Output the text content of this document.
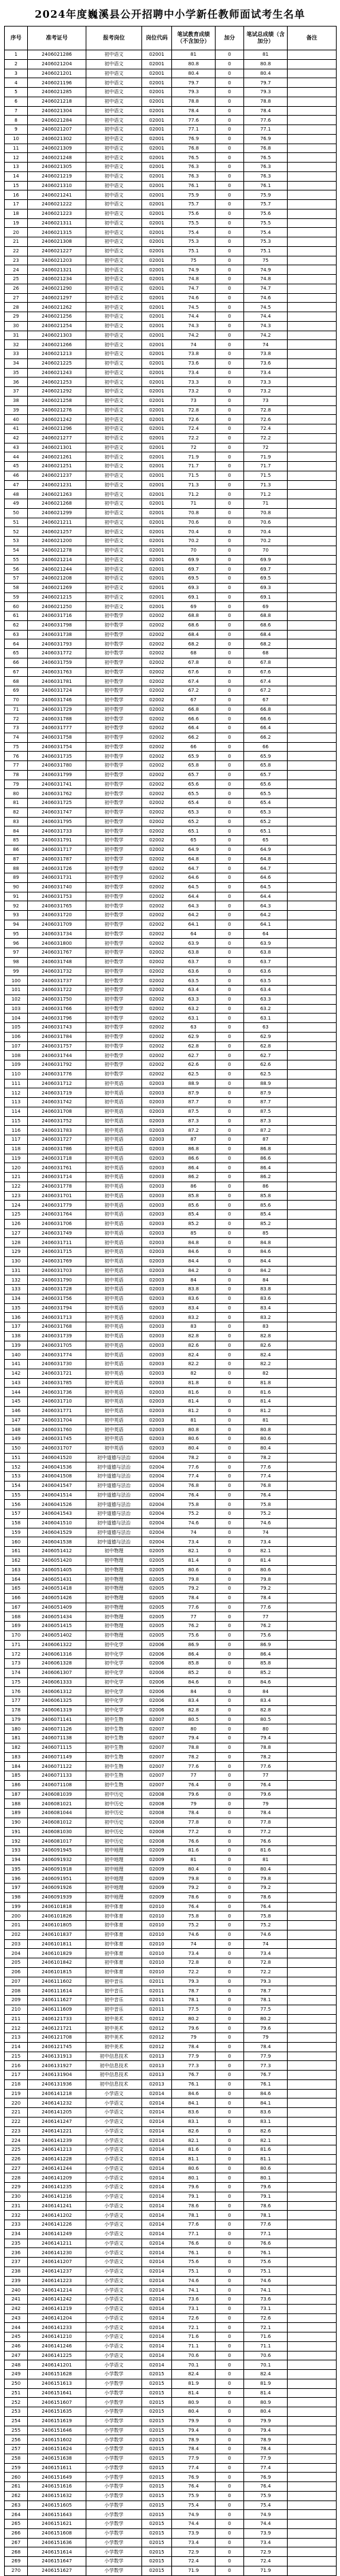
2024年度巍溪县公开招聘中小学新任教师面试考生名单
序号	准考证号	报考岗位	岗位代码	笔试教育成绩（不含加分）	加分	笔试总成绩（含加分）	备注
1	2406021286	初中语文	02001	81	0	81	
2	2406021204	初中语文	02001	80.8	0	80.8	
3	2406021201	初中语文	02001	80.4	0	80.4	
4	2406021196	初中语文	02001	79.7	0	79.7	
5	2406021285	初中语文	02001	79.3	0	79.3	
6	2406021218	初中语文	02001	78.8	0	78.8	
7	2406021304	初中语文	02001	78.4	0	78.4	
8	2406021284	初中语文	02001	77.6	0	77.6	
9	2406021207	初中语文	02001	77.1	0	77.1	
10	2406021302	初中语文	02001	76.9	0	76.9	
11	2406021309	初中语文	02001	76.8	0	76.8	
12	2406021248	初中语文	02001	76.5	0	76.5	
13	2406021305	初中语文	02001	76.3	0	76.3	
14	2406021219	初中语文	02001	76.3	0	76.3	
15	2406021310	初中语文	02001	76.1	0	76.1	
16	2406021241	初中语文	02001	75.9	0	75.9	
17	2406021222	初中语文	02001	75.7	0	75.7	
18	2406021223	初中语文	02001	75.6	0	75.6	
19	2406021311	初中语文	02001	75.5	0	75.5	
20	2406021315	初中语文	02001	75.4	0	75.4	
21	2406021308	初中语文	02001	75.3	0	75.3	
22	2406021227	初中语文	02001	75.1	0	75.1	
23	2406021203	初中语文	02001	75	0	75	
24	2406021321	初中语文	02001	74.9	0	74.9	
25	2406021234	初中语文	02001	74.8	0	74.8	
26	2406021290	初中语文	02001	74.7	0	74.7	
27	2406021297	初中语文	02001	74.6	0	74.6	
28	2406021262	初中语文	02001	74.5	0	74.5	
29	2406021256	初中语文	02001	74.4	0	74.4	
30	2406021254	初中语文	02001	74.3	0	74.3	
31	2406021303	初中语文	02001	74.2	0	74.2	
32	2406021266	初中语文	02001	74	0	74	
33	2406021213	初中语文	02001	73.8	0	73.8	
34	2406021225	初中语文	02001	73.6	0	73.6	
35	2406021243	初中语文	02001	73.4	0	73.4	
36	2406021253	初中语文	02001	73.3	0	73.3	
37	2406021292	初中语文	02001	73.2	0	73.2	
38	2406021258	初中语文	02001	73	0	73	
39	2406021276	初中语文	02001	72.8	0	72.8	
40	2406021242	初中语文	02001	72.6	0	72.6	
41	2406021296	初中语文	02001	72.4	0	72.4	
42	2406021277	初中语文	02001	72.2	0	72.2	
43	2406021301	初中语文	02001	72	0	72	
44	2406021261	初中语文	02001	71.9	0	71.9	
45	2406021251	初中语文	02001	71.7	0	71.7	
46	2406021237	初中语文	02001	71.5	0	71.5	
47	2406021231	初中语文	02001	71.3	0	71.3	
48	2406021263	初中语文	02001	71.2	0	71.2	
49	2406021268	初中语文	02001	71	0	71	
50	2406021299	初中语文	02001	70.8	0	70.8	
51	2406021211	初中语文	02001	70.6	0	70.6	
52	2406021257	初中语文	02001	70.4	0	70.4	
53	2406021200	初中语文	02001	70.2	0	70.2	
54	2406021278	初中语文	02001	70	0	70	
55	2406021214	初中语文	02001	69.9	0	69.9	
56	2406021244	初中语文	02001	69.7	0	69.7	
57	2406021208	初中语文	02001	69.5	0	69.5	
58	2406021269	初中语文	02001	69.3	0	69.3	
59	2406021215	初中语文	02001	69.1	0	69.1	
60	2406021250	初中语文	02001	69	0	69	
61	2406031716	初中数学	02002	68.8	0	68.8	
62	2406031798	初中数学	02002	68.6	0	68.6	
63	2406031738	初中数学	02002	68.4	0	68.4	
64	2406031793	初中数学	02002	68.2	0	68.2	
65	2406031772	初中数学	02002	68	0	68	
66	2406031759	初中数学	02002	67.8	0	67.8	
67	2406031763	初中数学	02002	67.6	0	67.6	
68	2406031781	初中数学	02002	67.4	0	67.4	
69	2406031724	初中数学	02002	67.2	0	67.2	
70	2406031746	初中数学	02002	67	0	67	
71	2406031729	初中数学	02002	66.8	0	66.8	
72	2406031788	初中数学	02002	66.6	0	66.6	
73	2406031777	初中数学	02002	66.4	0	66.4	
74	2406031758	初中数学	02002	66.2	0	66.2	
75	2406031754	初中数学	02002	66	0	66	
76	2406031735	初中数学	02002	65.9	0	65.9	
77	2406031780	初中数学	02002	65.8	0	65.8	
78	2406031799	初中数学	02002	65.7	0	65.7	
79	2406031741	初中数学	02002	65.6	0	65.6	
80	2406031762	初中数学	02002	65.5	0	65.5	
81	2406031725	初中数学	02002	65.4	0	65.4	
82	2406031747	初中数学	02002	65.3	0	65.3	
83	2406031795	初中数学	02002	65.2	0	65.2	
84	2406031733	初中数学	02002	65.1	0	65.1	
85	2406031791	初中数学	02002	65	0	65	
86	2406031717	初中数学	02002	64.9	0	64.9	
87	2406031787	初中数学	02002	64.8	0	64.8	
88	2406031726	初中数学	02002	64.7	0	64.7	
89	2406031731	初中数学	02002	64.6	0	64.6	
90	2406031740	初中数学	02002	64.5	0	64.5	
91	2406031753	初中数学	02002	64.4	0	64.4	
92	2406031765	初中数学	02002	64.3	0	64.3	
93	2406031720	初中数学	02002	64.2	0	64.2	
94	2406031709	初中数学	02002	64.1	0	64.1	
95	2406031734	初中数学	02002	64	0	64	
96	2406031800	初中数学	02002	63.9	0	63.9	
97	2406031767	初中数学	02002	63.8	0	63.8	
98	2406031748	初中数学	02002	63.7	0	63.7	
99	2406031732	初中数学	02002	63.6	0	63.6	
100	2406031737	初中数学	02002	63.5	0	63.5	
101	2406031722	初中数学	02002	63.4	0	63.4	
102	2406031750	初中数学	02002	63.3	0	63.3	
103	2406031766	初中数学	02002	63.2	0	63.2	
104	2406031796	初中数学	02002	63.1	0	63.1	
105	2406031743	初中数学	02002	63	0	63	
106	2406031784	初中数学	02002	62.9	0	62.9	
107	2406031757	初中数学	02002	62.8	0	62.8	
108	2406031744	初中数学	02002	62.7	0	62.7	
109	2406031792	初中数学	02002	62.6	0	62.6	
110	2406031776	初中数学	02002	62.5	0	62.5	
111	2406031712	初中英语	02003	88.9	0	88.9	
112	2406031719	初中英语	02003	87.9	0	87.9	
113	2406031742	初中英语	02003	87.7	0	87.7	
114	2406031708	初中英语	02003	87.5	0	87.5	
115	2406031752	初中英语	02003	87.3	0	87.3	
116	2406031783	初中英语	02003	87.2	0	87.2	
117	2406031727	初中英语	02003	87	0	87	
118	2406031786	初中英语	02003	86.8	0	86.8	
119	2406031718	初中英语	02003	86.6	0	86.6	
120	2406031761	初中英语	02003	86.4	0	86.4	
121	2406031714	初中英语	02003	86.2	0	86.2	
122	2406031778	初中英语	02003	86	0	86	
123	2406031701	初中英语	02003	85.8	0	85.8	
124	2406031779	初中英语	02003	85.6	0	85.6	
125	2406031764	初中英语	02003	85.4	0	85.4	
126	2406031706	初中英语	02003	85.2	0	85.2	
127	2406031749	初中英语	02003	85	0	85	
128	2406031711	初中英语	02003	84.8	0	84.8	
129	2406031715	初中英语	02003	84.6	0	84.6	
130	2406031769	初中英语	02003	84.4	0	84.4	
131	2406031703	初中英语	02003	84.2	0	84.2	
132	2406031790	初中英语	02003	84	0	84	
133	2406031728	初中英语	02003	83.8	0	83.8	
134	2406031756	初中英语	02003	83.6	0	83.6	
135	2406031794	初中英语	02003	83.4	0	83.4	
136	2406031713	初中英语	02003	83.2	0	83.2	
137	2406031768	初中英语	02003	83	0	83	
138	2406031739	初中英语	02003	82.8	0	82.8	
139	2406031705	初中英语	02003	82.6	0	82.6	
140	2406031774	初中英语	02003	82.4	0	82.4	
141	2406031730	初中英语	02003	82.2	0	82.2	
142	2406031721	初中英语	02003	82	0	82	
143	2406031785	初中英语	02003	81.8	0	81.8	
144	2406031736	初中英语	02003	81.6	0	81.6	
145	2406031710	初中英语	02003	81.4	0	81.4	
146	2406031771	初中英语	02003	81.2	0	81.2	
147	2406031704	初中英语	02003	81	0	81	
148	2406031760	初中英语	02003	80.8	0	80.8	
149	2406031745	初中英语	02003	80.6	0	80.6	
150	2406031707	初中英语	02003	80.4	0	80.4	
151	2406041520	初中道德与法治	02004	78.2	0	78.2	
152	2406041536	初中道德与法治	02004	77.6	0	77.6	
153	2406041508	初中道德与法治	02004	77.4	0	77.4	
154	2406041547	初中道德与法治	02004	76.8	0	76.8	
155	2406041514	初中道德与法治	02004	76.4	0	76.4	
156	2406041526	初中道德与法治	02004	75.8	0	75.8	
157	2406041543	初中道德与法治	02004	75.2	0	75.2	
158	2406041510	初中道德与法治	02004	74.6	0	74.6	
159	2406041529	初中道德与法治	02004	74	0	74	
160	2406041538	初中道德与法治	02004	73.4	0	73.4	
161	2406051412	初中物理	02005	82.1	0	82.1	
162	2406051420	初中物理	02005	81.4	0	81.4	
163	2406051405	初中物理	02005	80.6	0	80.6	
164	2406051431	初中物理	02005	79.8	0	79.8	
165	2406051418	初中物理	02005	79.2	0	79.2	
166	2406051426	初中物理	02005	78.4	0	78.4	
167	2406051409	初中物理	02005	77.6	0	77.6	
168	2406051434	初中物理	02005	77	0	77	
169	2406051415	初中物理	02005	76.2	0	76.2	
170	2406051402	初中物理	02005	75.6	0	75.6	
171	2406061322	初中化学	02006	86.9	0	86.9	
172	2406061316	初中化学	02006	86.4	0	86.4	
173	2406061328	初中化学	02006	85.8	0	85.8	
174	2406061307	初中化学	02006	85.2	0	85.2	
175	2406061333	初中化学	02006	84.6	0	84.6	
176	2406061312	初中化学	02006	84	0	84	
177	2406061325	初中化学	02006	83.4	0	83.4	
178	2406061319	初中化学	02006	82.8	0	82.8	
179	2406071141	初中生物	02007	80.5	0	80.5	
180	2406071126	初中生物	02007	80	0	80	
181	2406071138	初中生物	02007	79.4	0	79.4	
182	2406071115	初中生物	02007	78.8	0	78.8	
183	2406071149	初中生物	02007	78.2	0	78.2	
184	2406071122	初中生物	02007	77.6	0	77.6	
185	2406071133	初中生物	02007	77	0	77	
186	2406071108	初中生物	02007	76.4	0	76.4	
187	2406081039	初中历史	02008	79.6	0	79.6	
188	2406081021	初中历史	02008	79	0	79	
189	2406081044	初中历史	02008	78.4	0	78.4	
190	2406081012	初中历史	02008	77.8	0	77.8	
191	2406081030	初中历史	02008	77.2	0	77.2	
192	2406081017	初中历史	02008	76.6	0	76.6	
193	2406091945	初中地理	02009	81.6	0	81.6	
194	2406091932	初中地理	02009	81	0	81	
195	2406091918	初中地理	02009	80.4	0	80.4	
196	2406091951	初中地理	02009	79.8	0	79.8	
197	2406091926	初中地理	02009	79.2	0	79.2	
198	2406091939	初中地理	02009	78.6	0	78.6	
199	2406101818	初中体育	02010	76.4	0	76.4	
200	2406101826	初中体育	02010	75.8	0	75.8	
201	2406101805	初中体育	02010	75.2	0	75.2	
202	2406101837	初中体育	02010	74.6	0	74.6	
203	2406101811	初中体育	02010	74	0	74	
204	2406101829	初中体育	02010	73.4	0	73.4	
205	2406101842	初中体育	02010	72.8	0	72.8	
206	2406101815	初中体育	02010	72.2	0	72.2	
207	2406111602	初中音乐	02011	79.3	0	79.3	
208	2406111614	初中音乐	02011	78.7	0	78.7	
209	2406111627	初中音乐	02011	78.1	0	78.1	
210	2406111609	初中音乐	02011	77.5	0	77.5	
211	2406121733	初中美术	02012	80.2	0	80.2	
212	2406121721	初中美术	02012	79.6	0	79.6	
213	2406121708	初中美术	02012	79	0	79	
214	2406121745	初中美术	02012	78.4	0	78.4	
215	2406131913	初中信息技术	02013	77.9	0	77.9	
216	2406131927	初中信息技术	02013	77.3	0	77.3	
217	2406131904	初中信息技术	02013	76.7	0	76.7	
218	2406131936	初中信息技术	02013	76.1	0	76.1	
219	2406141218	小学语文	02014	84.6	0	84.6	
220	2406141232	小学语文	02014	84.1	0	84.1	
221	2406141205	小学语文	02014	83.6	0	83.6	
222	2406141247	小学语文	02014	83.1	0	83.1	
223	2406141221	小学语文	02014	82.6	0	82.6	
224	2406141239	小学语文	02014	82.1	0	82.1	
225	2406141213	小学语文	02014	81.6	0	81.6	
226	2406141228	小学语文	02014	81.1	0	81.1	
227	2406141244	小学语文	02014	80.6	0	80.6	
228	2406141209	小学语文	02014	80.1	0	80.1	
229	2406141235	小学语文	02014	79.6	0	79.6	
230	2406141216	小学语文	02014	79.1	0	79.1	
231	2406141241	小学语文	02014	78.6	0	78.6	
232	2406141202	小学语文	02014	78.1	0	78.1	
233	2406141226	小学语文	02014	77.6	0	77.6	
234	2406141249	小学语文	02014	77.1	0	77.1	
235	2406141211	小学语文	02014	76.6	0	76.6	
236	2406141230	小学语文	02014	76.1	0	76.1	
237	2406141207	小学语文	02014	75.6	0	75.6	
238	2406141237	小学语文	02014	75.1	0	75.1	
239	2406141223	小学语文	02014	74.6	0	74.6	
240	2406141214	小学语文	02014	74.1	0	74.1	
241	2406141242	小学语文	02014	73.6	0	73.6	
242	2406141219	小学语文	02014	73.1	0	73.1	
243	2406141204	小学语文	02014	72.6	0	72.6	
244	2406141233	小学语文	02014	72.1	0	72.1	
245	2406141210	小学语文	02014	71.6	0	71.6	
246	2406141246	小学语文	02014	71.1	0	71.1	
247	2406141225	小学语文	02014	70.6	0	70.6	
248	2406141201	小学语文	02014	70.1	0	70.1	
249	2406151628	小学数学	02015	82.4	0	82.4	
250	2406151613	小学数学	02015	81.9	0	81.9	
251	2406151641	小学数学	02015	81.4	0	81.4	
252	2406151607	小学数学	02015	80.9	0	80.9	
253	2406151635	小学数学	02015	80.4	0	80.4	
254	2406151619	小学数学	02015	79.9	0	79.9	
255	2406151646	小学数学	02015	79.4	0	79.4	
256	2406151602	小学数学	02015	78.9	0	78.9	
257	2406151624	小学数学	02015	78.4	0	78.4	
258	2406151638	小学数学	02015	77.9	0	77.9	
259	2406151611	小学数学	02015	77.4	0	77.4	
260	2406151649	小学数学	02015	76.9	0	76.9	
261	2406151616	小学数学	02015	76.4	0	76.4	
262	2406151632	小学数学	02015	75.9	0	75.9	
263	2406151605	小学数学	02015	75.4	0	75.4	
264	2406151643	小学数学	02015	74.9	0	74.9	
265	2406151621	小学数学	02015	74.4	0	74.4	
266	2406151608	小学数学	02015	73.9	0	73.9	
267	2406151636	小学数学	02015	73.4	0	73.4	
268	2406151614	小学数学	02015	72.9	0	72.9	
269	2406151647	小学数学	02015	72.4	0	72.4	
270	2406151627	小学数学	02015	71.9	0	71.9	
